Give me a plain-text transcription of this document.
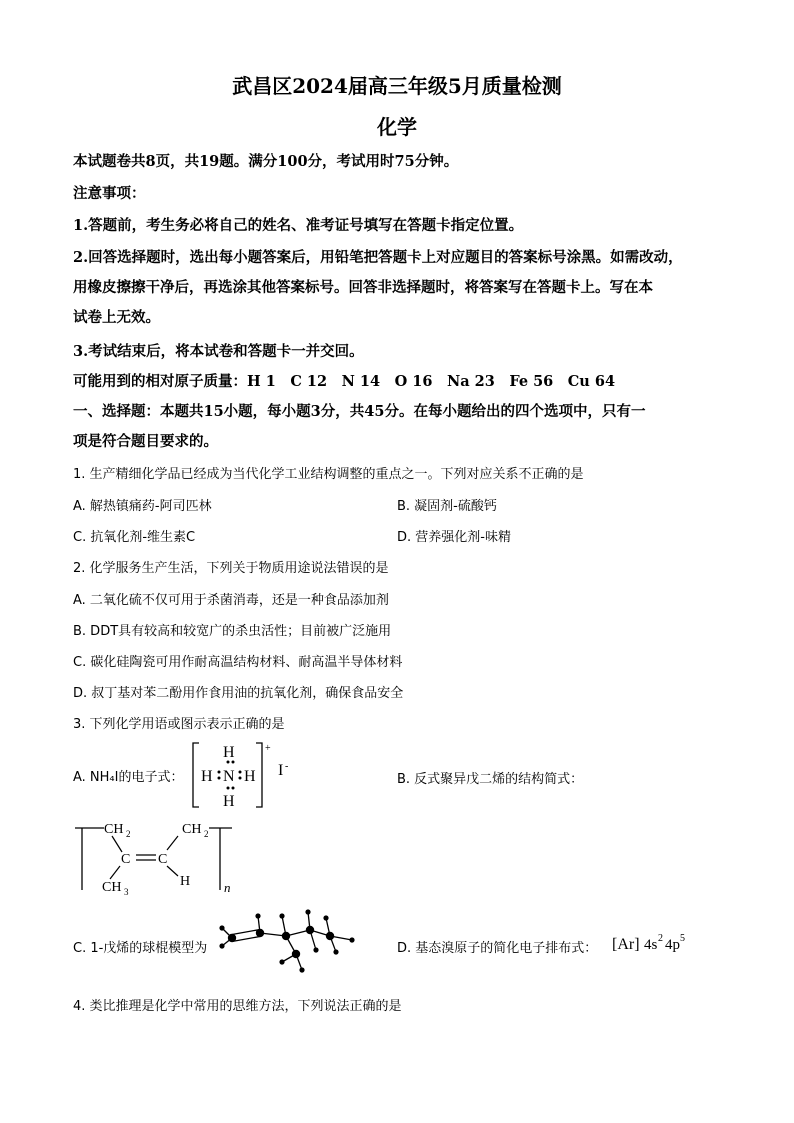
武昌区2024届高三年级5月质量检测
化学
本试题卷共8页，共19题。满分100分，考试用时75分钟。
注意事项：
1.答题前，考生务必将自己的姓名、准考证号填写在答题卡指定位置。
2.回答选择题时，选出每小题答案后，用铅笔把答题卡上对应题目的答案标号涂黑。如需改动，
用橡皮擦擦干净后，再选涂其他答案标号。回答非选择题时，将答案写在答题卡上。写在本
试卷上无效。
3.考试结束后，将本试卷和答题卡一并交回。
可能用到的相对原子质量：H 1　C 12　N 14　O 16　Na 23　Fe 56　Cu 64
一、选择题：本题共15小题，每小题3分，共45分。在每小题给出的四个选项中，只有一
项是符合题目要求的。
1. 生产精细化学品已经成为当代化学工业结构调整的重点之一。下列对应关系不正确的是
A. 解热镇痛药-阿司匹林	B. 凝固剂-硫酸钙
C. 抗氧化剂-维生素C	D. 营养强化剂-味精
2. 化学服务生产生活，下列关于物质用途说法错误的是
A. 二氧化硫不仅可用于杀菌消毒，还是一种食品添加剂
B. DDT具有较高和较宽广的杀虫活性；目前被广泛施用
C. 碳化硅陶瓷可用作耐高温结构材料、耐高温半导体材料
D. 叔丁基对苯二酚用作食用油的抗氧化剂，确保食品安全
3. 下列化学用语或图示表示正确的是
A. NH₄I的电子式：
H
H N H
H
+
I -
B. 反式聚异戊二烯的结构简式：
CH 2
C C
CH 3
CH 2
H	n
C. 1-戊烯的球棍模型为	D. 基态溴原子的简化电子排布式： [Ar] 4s 2 4p 5
4. 类比推理是化学中常用的思维方法，下列说法正确的是
